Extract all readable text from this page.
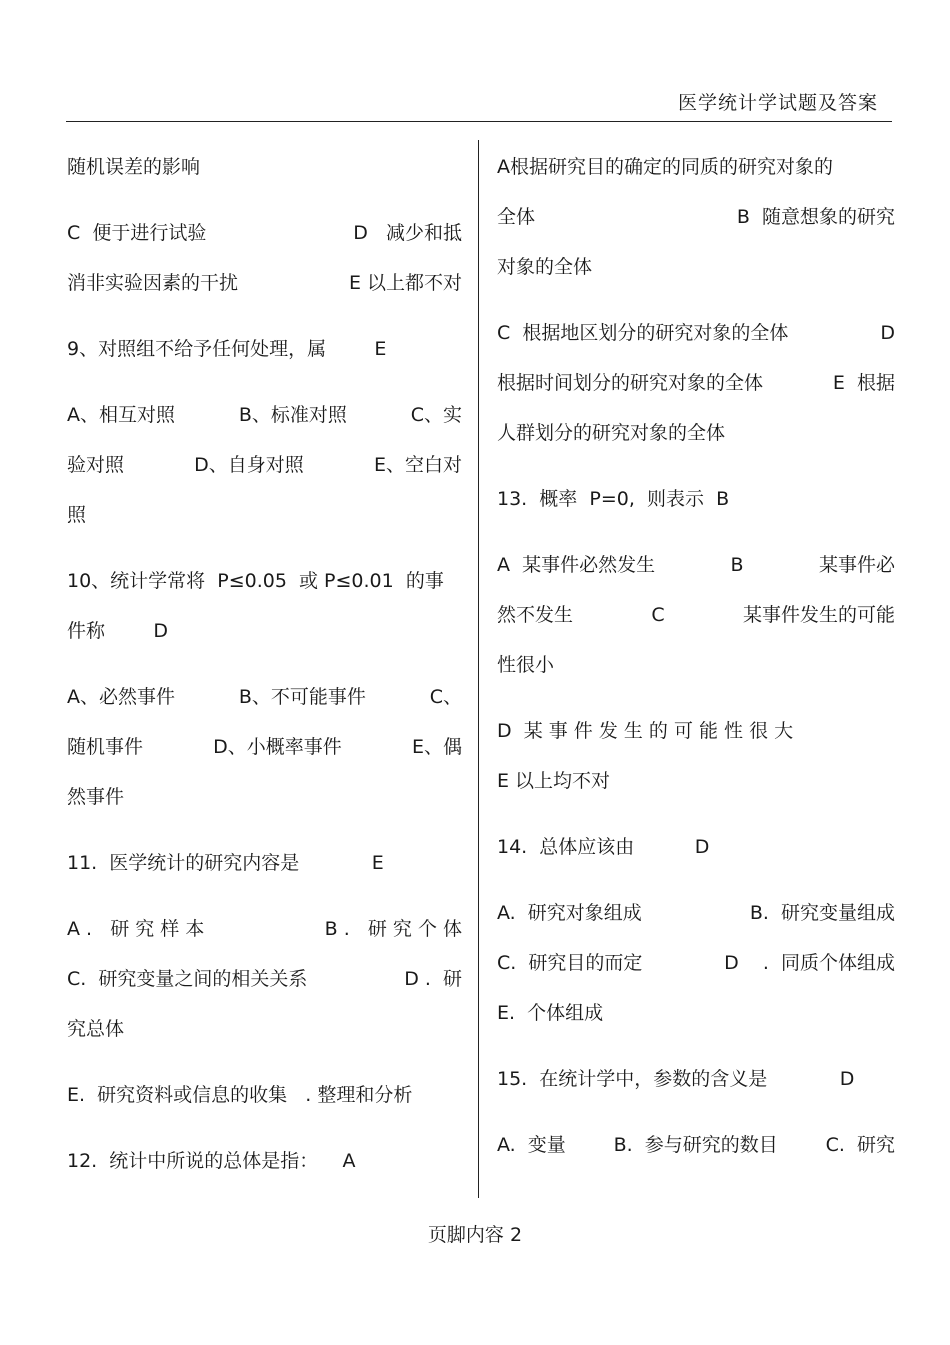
医学统计学试题及答案
随机误差的影响
C  便于进行试验	D   减少和抵
消非实验因素的干扰	E 以上都不对
9、对照组不给予任何处理，属	E
A、相互对照	B、标准对照	C、实
验对照	D、自身对照	E、空白对
照
10、统计学常将  P≤0.05  或 P≤0.01  的事
件称	D
A、必然事件	B、不可能事件	C、
随机事件	D、小概率事件	E、偶
然事件
11.  医学统计的研究内容是	E
A .   研 究 样 本	B .   研 究 个 体
C.  研究变量之间的相关关系	D .  研
究总体
E.  研究资料或信息的收集   . 整理和分析
12.  统计中所说的总体是指： A
A根据研究目的确定的同质的研究对象的
全体	B  随意想象的研究
对象的全体
C  根据地区划分的研究对象的全体	D
根据时间划分的研究对象的全体	E  根据
人群划分的研究对象的全体
13.  概率  P=0,  则表示 B
A  某事件必然发生	B	某事件必
然不发生	C	某事件发生的可能
性很小
D  某 事 件 发 生 的 可 能 性 很 大
E 以上均不对
14.  总体应该由	D
A.  研究对象组成	B.  研究变量组成
C.  研究目的而定	D    .  同质个体组成
E.  个体组成
15.  在统计学中，参数的含义是	D
A.  变量	B.  参与研究的数目	C.  研究
页脚内容 2
